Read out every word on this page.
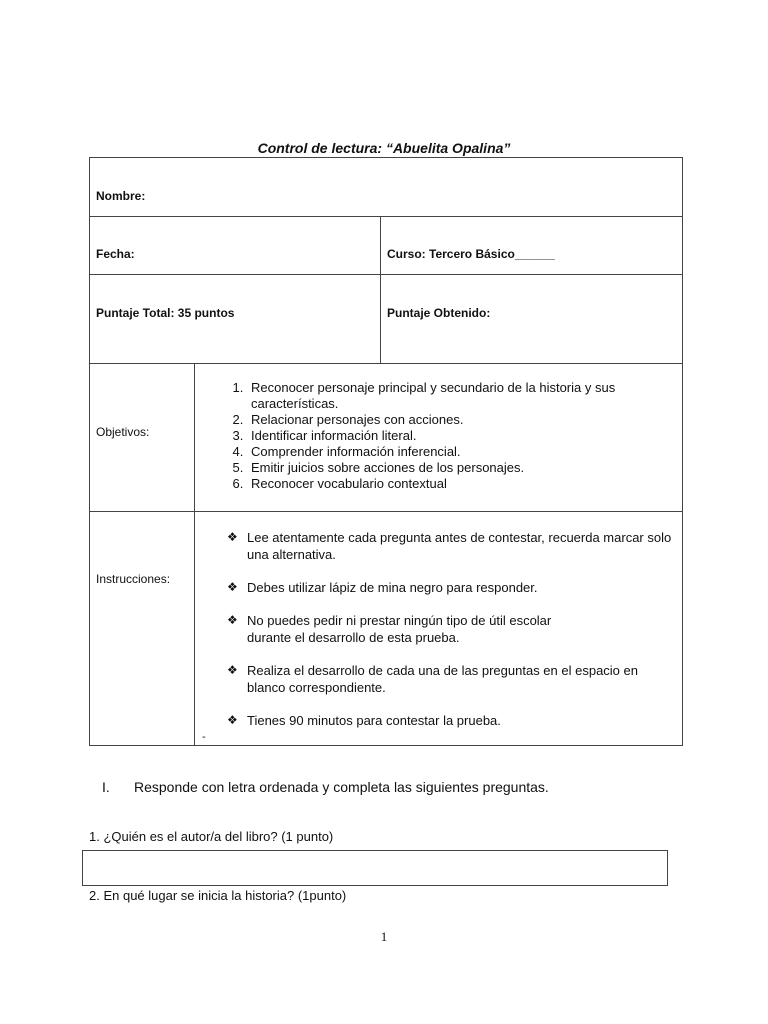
Control de lectura: “Abuelita Opalina”
Nombre:
Fecha:	Curso: Tercero Básico______
Puntaje Total: 35 puntos	Puntaje Obtenido:
Objetivos:
1. Reconocer personaje principal y secundario de la historia y sus características.
2. Relacionar personajes con acciones.
3. Identificar información literal.
4. Comprender información inferencial.
5. Emitir juicios sobre acciones de los personajes.
6. Reconocer vocabulario contextual
Instrucciones:
❖ Lee atentamente cada pregunta antes de contestar, recuerda marcar solo una alternativa.
❖ Debes utilizar lápiz de mina negro para responder.
❖ No puedes pedir ni prestar ningún tipo de útil escolar durante el desarrollo de esta prueba.
❖ Realiza el desarrollo de cada una de las preguntas en el espacio en blanco correspondiente.
❖ Tienes 90 minutos para contestar la prueba.
-
I. Responde con letra ordenada y completa las siguientes preguntas.
1. ¿Quién es el autor/a del libro? (1 punto)
2. En qué lugar se inicia la historia? (1punto)
1
